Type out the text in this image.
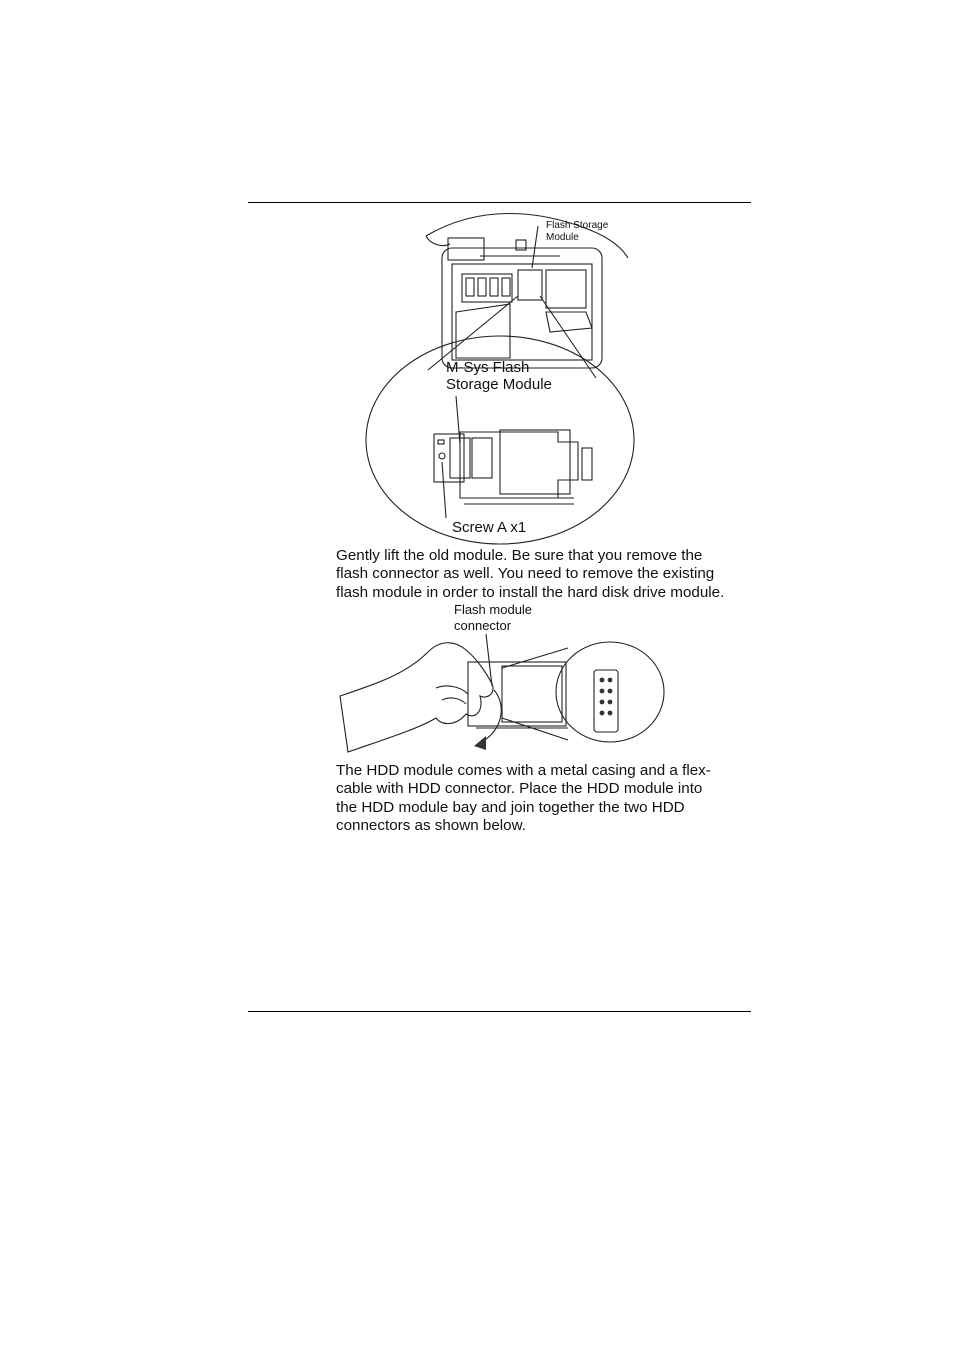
Flash Storage
Module
M-Sys Flash
Storage Module
Screw A x1

Gently lift the old module. Be sure that you remove the
flash connector as well. You need to remove the existing
flash module in order to install the hard disk drive module.

Flash module
connector

The HDD module comes with a metal casing and a flex-
cable with HDD connector. Place the HDD module into
the HDD module bay and join together the two HDD
connectors as shown below.
